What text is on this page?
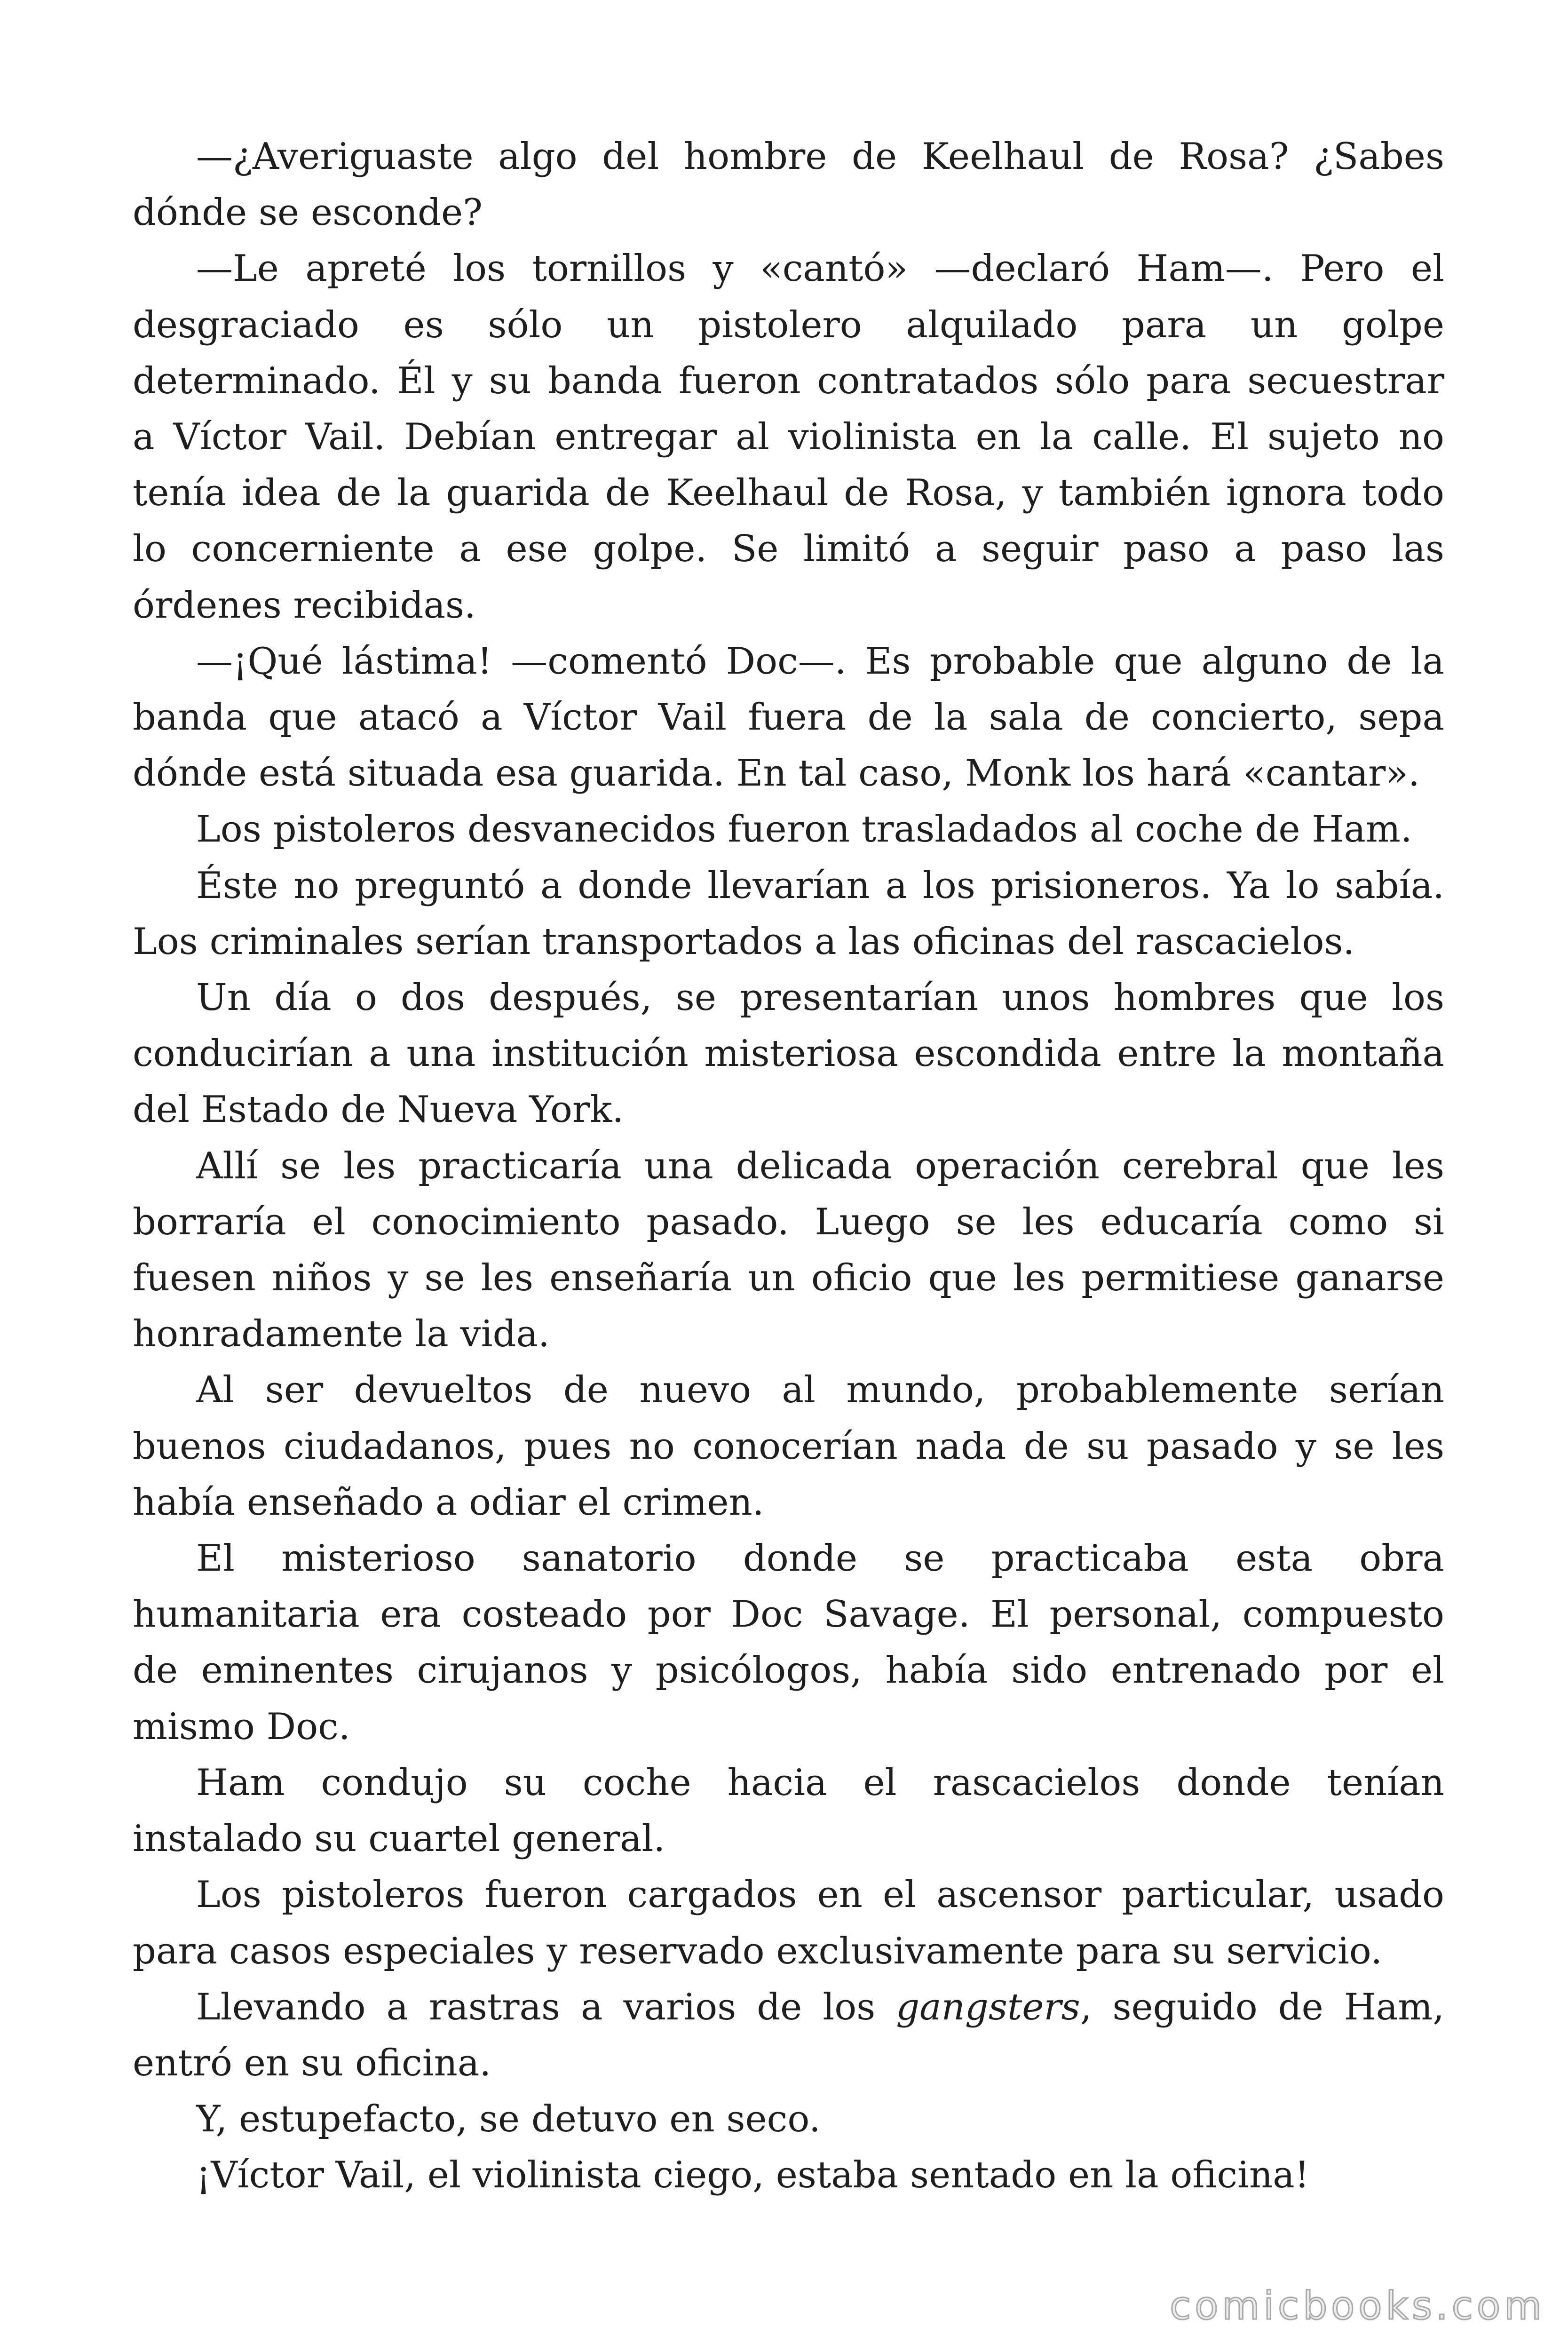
—¿Averiguaste algo del hombre de Keelhaul de Rosa? ¿Sabes
dónde se esconde?
—Le apreté los tornillos y «cantó» —declaró Ham—. Pero el
desgraciado es sólo un pistolero alquilado para un golpe
determinado. Él y su banda fueron contratados sólo para secuestrar
a Víctor Vail. Debían entregar al violinista en la calle. El sujeto no
tenía idea de la guarida de Keelhaul de Rosa, y también ignora todo
lo concerniente a ese golpe. Se limitó a seguir paso a paso las
órdenes recibidas.
—¡Qué lástima! —comentó Doc—. Es probable que alguno de la
banda que atacó a Víctor Vail fuera de la sala de concierto, sepa
dónde está situada esa guarida. En tal caso, Monk los hará «cantar».
Los pistoleros desvanecidos fueron trasladados al coche de Ham.
Éste no preguntó a donde llevarían a los prisioneros. Ya lo sabía.
Los criminales serían transportados a las oficinas del rascacielos.
Un día o dos después, se presentarían unos hombres que los
conducirían a una institución misteriosa escondida entre la montaña
del Estado de Nueva York.
Allí se les practicaría una delicada operación cerebral que les
borraría el conocimiento pasado. Luego se les educaría como si
fuesen niños y se les enseñaría un oficio que les permitiese ganarse
honradamente la vida.
Al ser devueltos de nuevo al mundo, probablemente serían
buenos ciudadanos, pues no conocerían nada de su pasado y se les
había enseñado a odiar el crimen.
El misterioso sanatorio donde se practicaba esta obra
humanitaria era costeado por Doc Savage. El personal, compuesto
de eminentes cirujanos y psicólogos, había sido entrenado por el
mismo Doc.
Ham condujo su coche hacia el rascacielos donde tenían
instalado su cuartel general.
Los pistoleros fueron cargados en el ascensor particular, usado
para casos especiales y reservado exclusivamente para su servicio.
Llevando a rastras a varios de los gangsters, seguido de Ham,
entró en su oficina.
Y, estupefacto, se detuvo en seco.
¡Víctor Vail, el violinista ciego, estaba sentado en la oficina!
comicbooks.com
